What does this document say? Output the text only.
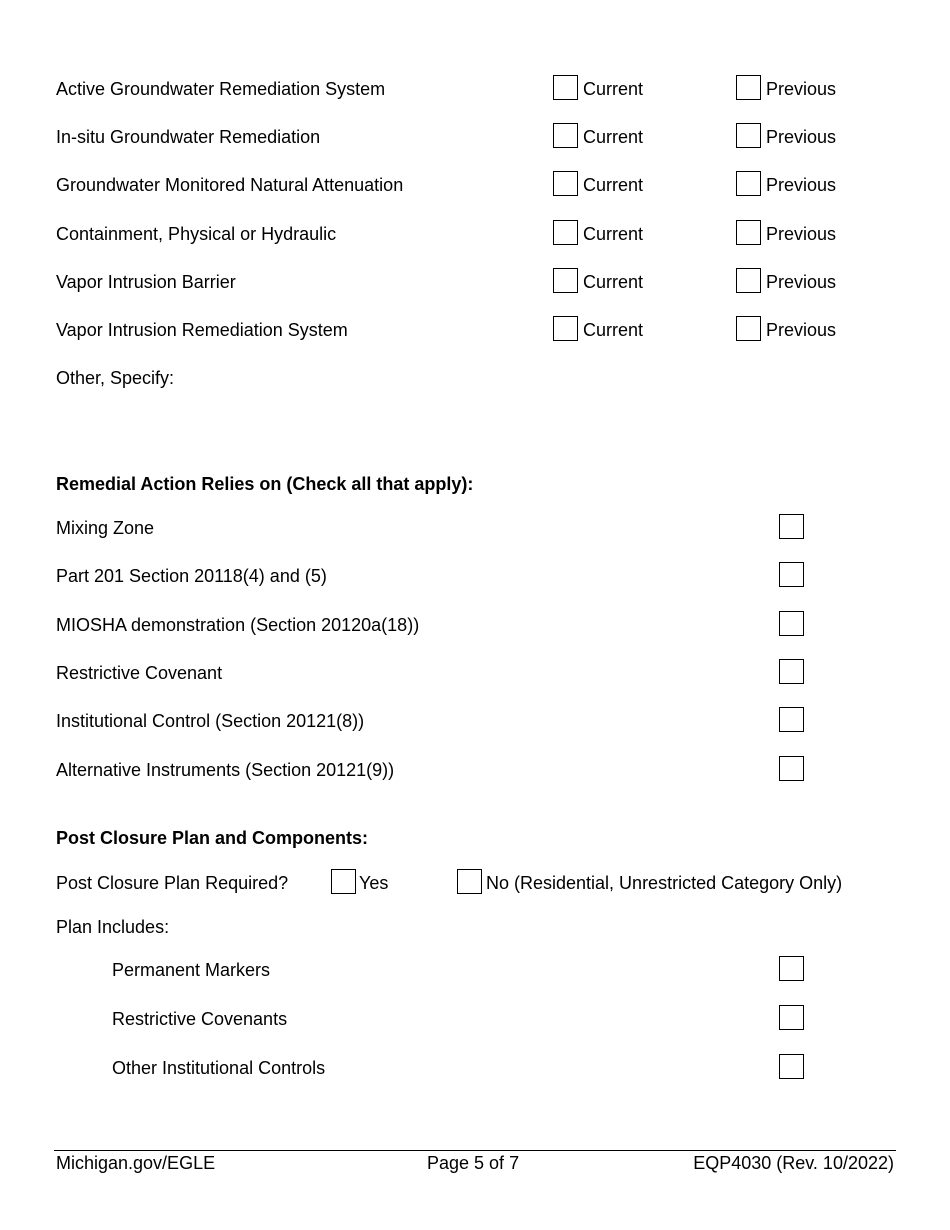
Active Groundwater Remediation System	Current	Previous
In-situ Groundwater Remediation	Current	Previous
Groundwater Monitored Natural Attenuation	Current	Previous
Containment, Physical or Hydraulic	Current	Previous
Vapor Intrusion Barrier	Current	Previous
Vapor Intrusion Remediation System	Current	Previous
Other, Specify:
Remedial Action Relies on (Check all that apply):
Mixing Zone
Part 201 Section 20118(4) and (5)
MIOSHA demonstration (Section 20120a(18))
Restrictive Covenant
Institutional Control (Section 20121(8))
Alternative Instruments (Section 20121(9))
Post Closure Plan and Components:
Post Closure Plan Required?	Yes	No (Residential, Unrestricted Category Only)
Plan Includes:
Permanent Markers
Restrictive Covenants
Other Institutional Controls
Michigan.gov/EGLE	Page 5 of 7	EQP4030 (Rev. 10/2022)
